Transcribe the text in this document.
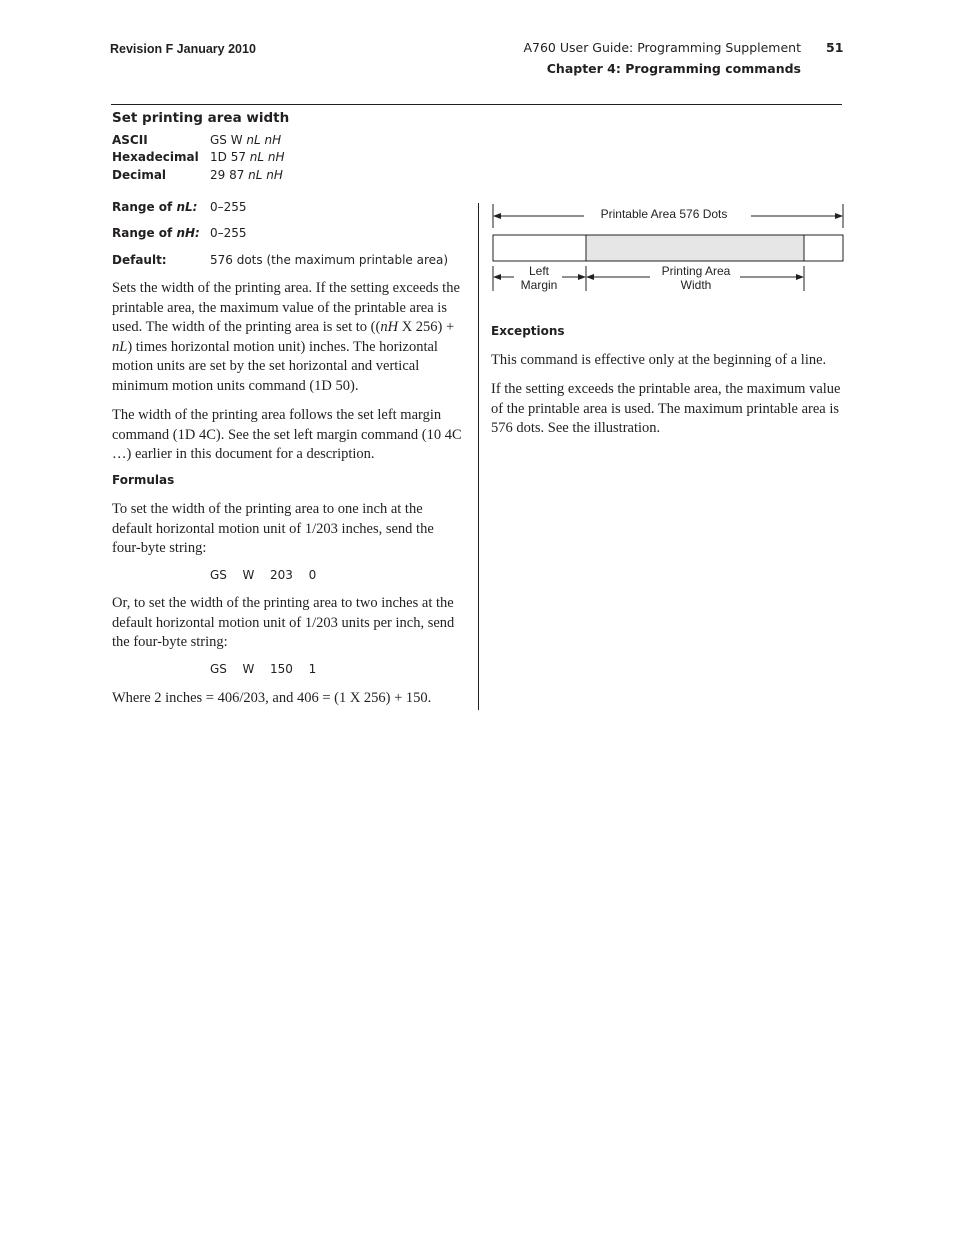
Revision F January 2010	A760 User Guide: Programming Supplement 51
Chapter 4: Programming commands
Set printing area width
ASCII	GS W nL nH
Hexadecimal 1D 57 nL nH
Decimal	29 87 nL nH
Range of nL: 0–255
Range of nH: 0–255
Default:	576 dots (the maximum printable area)
Sets the width of the printing area. If the setting exceeds the printable area, the maximum value of the printable area is used. The width of the printing area is set to ((nH X 256) + nL) times horizontal motion unit) inches. The horizontal motion units are set by the set horizontal and vertical minimum motion units command (1D 50).
The width of the printing area follows the set left margin command (1D 4C). See the set left margin command (10 4C …) earlier in this document for a description.
Formulas
To set the width of the printing area to one inch at the default horizontal motion unit of 1/203 inches, send the four-byte string:
GS  W  203  0
Or, to set the width of the printing area to two inches at the default horizontal motion unit of 1/203 units per inch, send the four-byte string:
GS  W  150  1
Where 2 inches = 406/203, and 406 = (1 X 256) + 150.
Printable Area 576 Dots
Left
Margin
Printing Area
Width
Exceptions
This command is effective only at the beginning of a line.
If the setting exceeds the printable area, the maximum value of the printable area is used. The maximum printable area is 576 dots. See the illustration.
